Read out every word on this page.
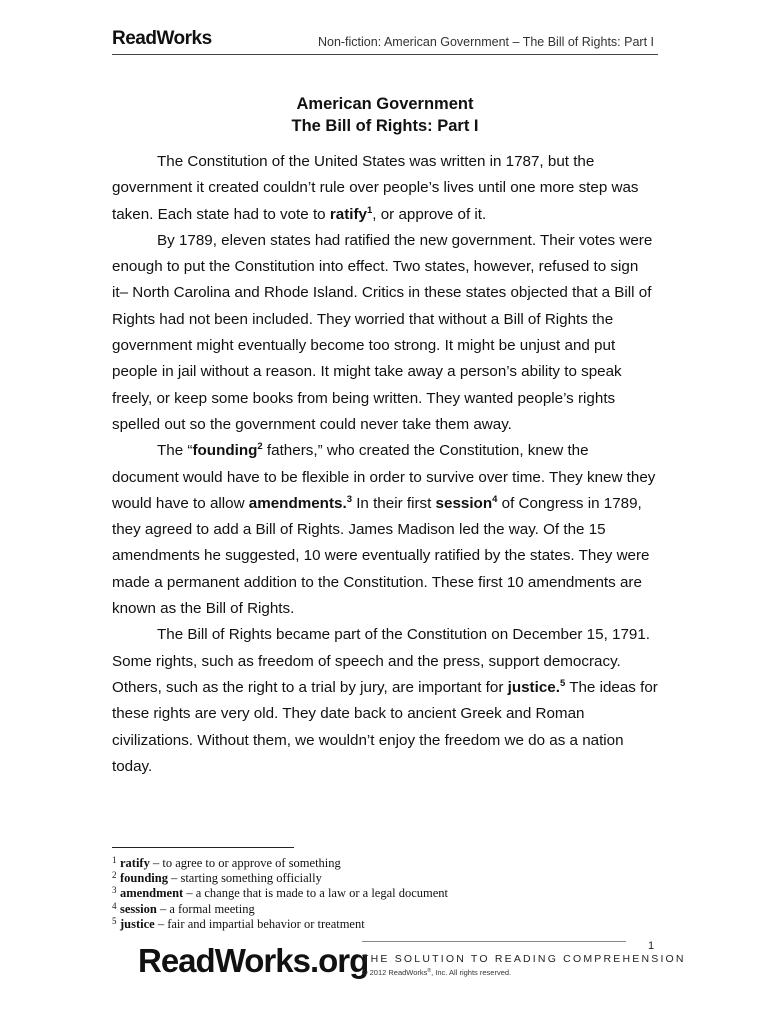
ReadWorks	Non-fiction: American Government – The Bill of Rights: Part I
American Government
The Bill of Rights: Part I

The Constitution of the United States was written in 1787, but the government it created couldn’t rule over people’s lives until one more step was taken. Each state had to vote to ratify$^1$, or approve of it.

By 1789, eleven states had ratified the new government. Their votes were enough to put the Constitution into effect. Two states, however, refused to sign it– North Carolina and Rhode Island. Critics in these states objected that a Bill of Rights had not been included. They worried that without a Bill of Rights the government might eventually become too strong. It might be unjust and put people in jail without a reason. It might take away a person’s ability to speak freely, or keep some books from being written. They wanted people’s rights spelled out so the government could never take them away.

The “founding$^2$ fathers,” who created the Constitution, knew the document would have to be flexible in order to survive over time. They knew they would have to allow amendments.$^3$ In their first session$^4$ of Congress in 1789, they agreed to add a Bill of Rights. James Madison led the way. Of the 15 amendments he suggested, 10 were eventually ratified by the states. They were made a permanent addition to the Constitution. These first 10 amendments are known as the Bill of Rights.

The Bill of Rights became part of the Constitution on December 15, 1791. Some rights, such as freedom of speech and the press, support democracy. Others, such as the right to a trial by jury, are important for justice.$^5$ The ideas for these rights are very old. They date back to ancient Greek and Roman civilizations. Without them, we wouldn’t enjoy the freedom we do as a nation today.

1 ratify – to agree to or approve of something
2 founding – starting something officially
3 amendment – a change that is made to a law or a legal document
4 session – a formal meeting
5 justice – fair and impartial behavior or treatment
1
ReadWorks.org
THE SOLUTION TO READING COMPREHENSION
© 2012 ReadWorks®, Inc. All rights reserved.
